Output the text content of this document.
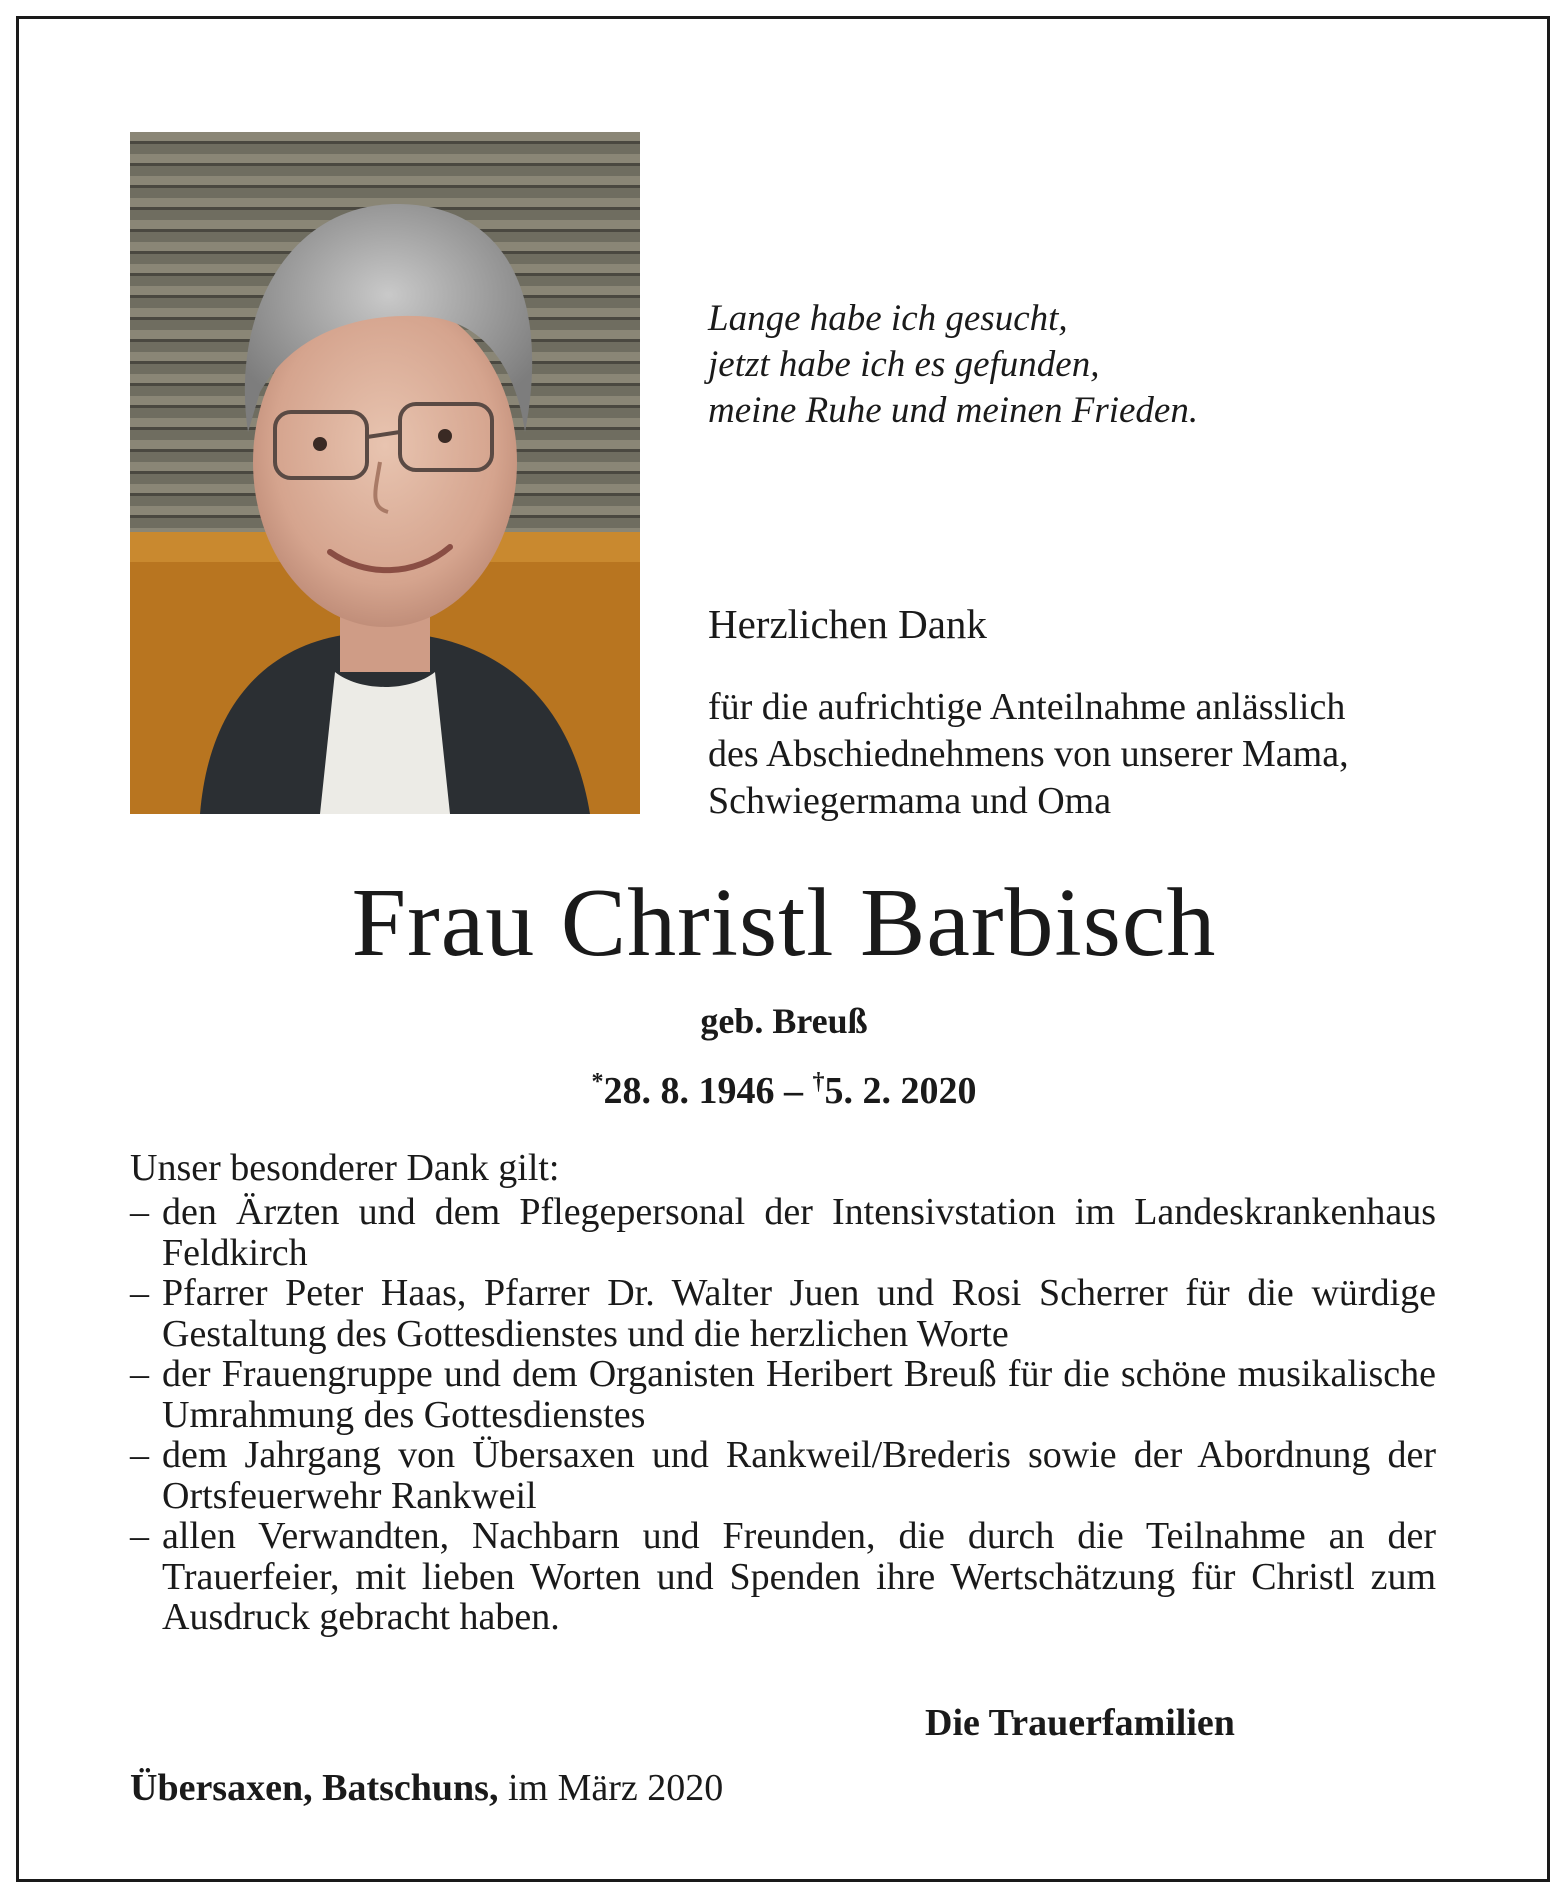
Lange habe ich gesucht,
jetzt habe ich es gefunden,
meine Ruhe und meinen Frieden.
Herzlichen Dank
für die aufrichtige Anteilnahme anlässlich
des Abschiednehmens von unserer Mama,
Schwiegermama und Oma
Frau Christl Barbisch
geb. Breuß
*28. 8. 1946 – †5. 2. 2020
Unser besonderer Dank gilt:
– den Ärzten und dem Pflegepersonal der Intensivstation im Landeskrankenhaus Feldkirch
– Pfarrer Peter Haas, Pfarrer Dr. Walter Juen und Rosi Scherrer für die würdige Gestaltung des Gottesdienstes und die herzlichen Worte
– der Frauengruppe und dem Organisten Heribert Breuß für die schöne musikalische Umrahmung des Gottesdienstes
– dem Jahrgang von Übersaxen und Rankweil/Brederis sowie der Abordnung der Ortsfeuerwehr Rankweil
– allen Verwandten, Nachbarn und Freunden, die durch die Teilnahme an der Trauerfeier, mit lieben Worten und Spenden ihre Wertschätzung für Christl zum Ausdruck gebracht haben.
Die Trauerfamilien
Übersaxen, Batschuns, im März 2020
